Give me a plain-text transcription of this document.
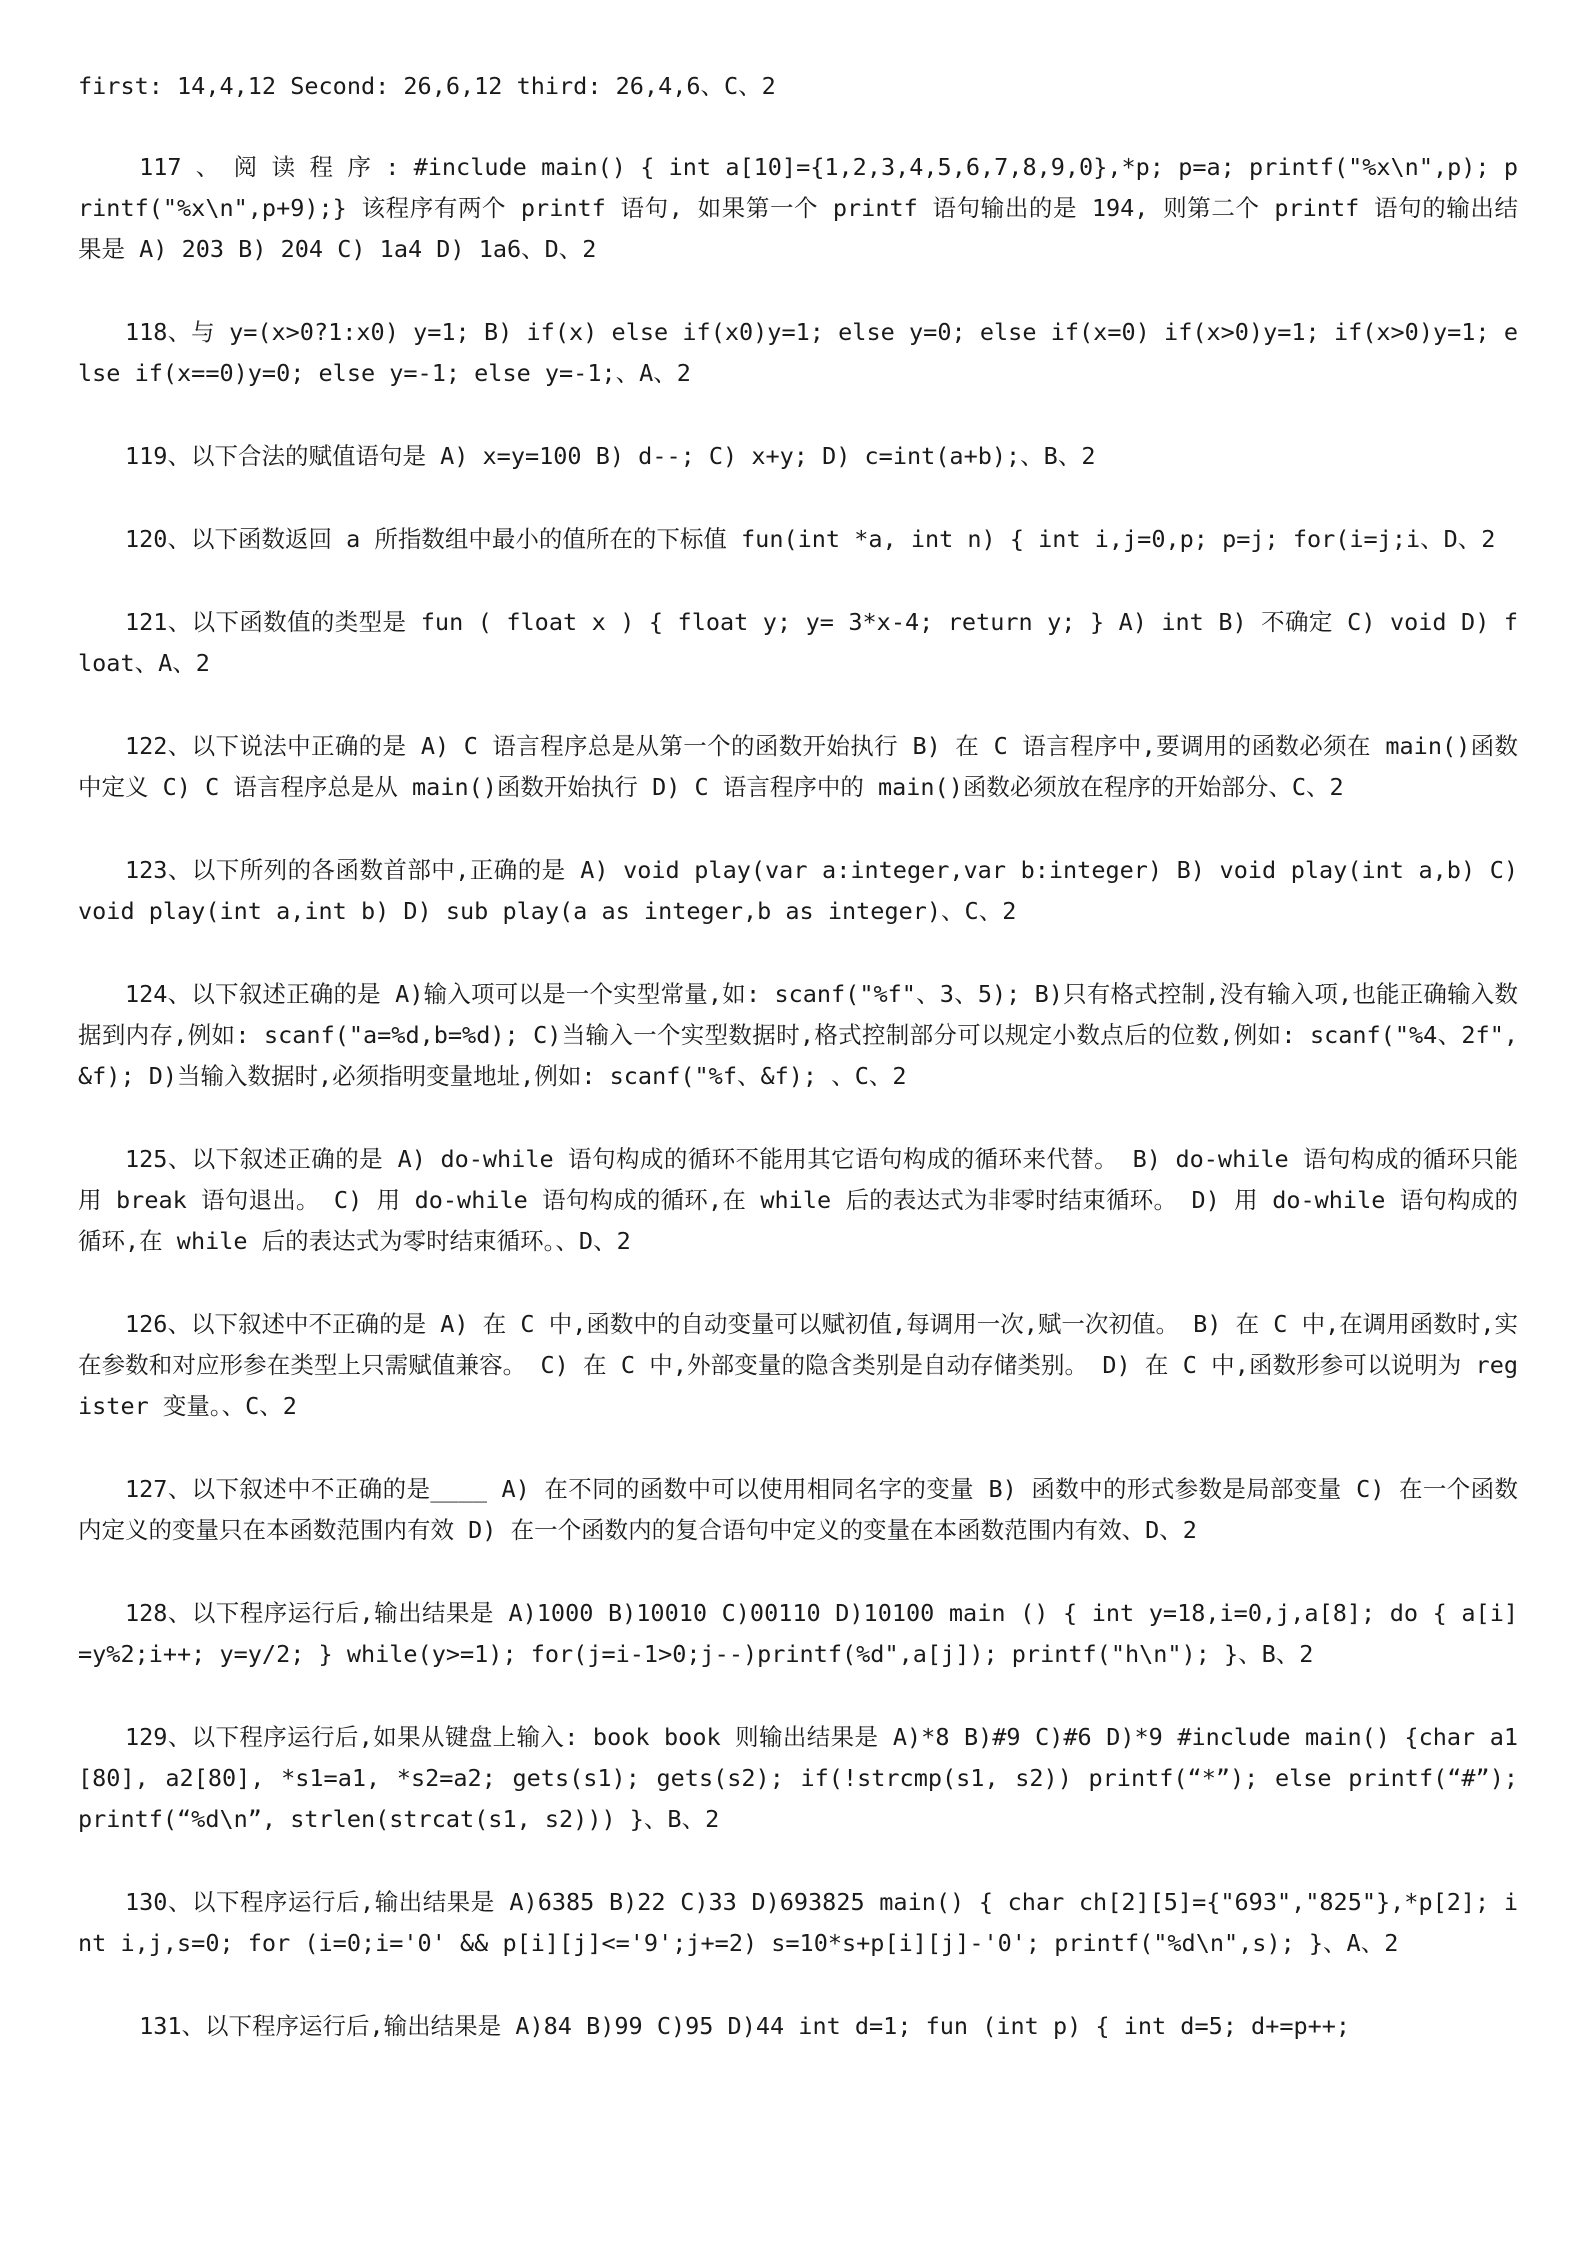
first: 14,4,12 Second: 26,6,12 third: 26,4,6、C、2

117 、 阅 读 程 序 : #include main() { int a[10]={1,2,3,4,5,6,7,8,9,0},*p; p=a; printf("%x\n",p); printf("%x\n",p+9);} 该程序有两个 printf 语句, 如果第一个 printf 语句输出的是 194, 则第二个 printf 语句的输出结果是 A) 203 B) 204 C) 1a4 D) 1a6、D、2

118、与 y=(x>0?1:x0) y=1; B) if(x) else if(x0)y=1; else y=0; else if(x=0) if(x>0)y=1; if(x>0)y=1; else if(x==0)y=0; else y=-1; else y=-1;、A、2

119、以下合法的赋值语句是 A) x=y=100 B) d--; C) x+y; D) c=int(a+b);、B、2

120、以下函数返回 a 所指数组中最小的值所在的下标值 fun(int *a, int n) { int i,j=0,p; p=j; for(i=j;i、D、2

121、以下函数值的类型是 fun ( float x ) { float y; y= 3*x-4; return y; } A) int B) 不确定 C) void D) float、A、2

122、以下说法中正确的是 A) C 语言程序总是从第一个的函数开始执行 B) 在 C 语言程序中,要调用的函数必须在 main()函数中定义 C) C 语言程序总是从 main()函数开始执行 D) C 语言程序中的 main()函数必须放在程序的开始部分、C、2

123、以下所列的各函数首部中,正确的是 A) void play(var a:integer,var b:integer) B) void play(int a,b) C) void play(int a,int b) D) sub play(a as integer,b as integer)、C、2

124、以下叙述正确的是 A)输入项可以是一个实型常量,如: scanf("%f"、3、5); B)只有格式控制,没有输入项,也能正确输入数据到内存,例如: scanf("a=%d,b=%d); C)当输入一个实型数据时,格式控制部分可以规定小数点后的位数,例如: scanf("%4、2f",&f); D)当输入数据时,必须指明变量地址,例如: scanf("%f、&f); 、C、2

125、以下叙述正确的是 A) do-while 语句构成的循环不能用其它语句构成的循环来代替。 B) do-while 语句构成的循环只能用 break 语句退出。 C) 用 do-while 语句构成的循环,在 while 后的表达式为非零时结束循环。 D) 用 do-while 语句构成的循环,在 while 后的表达式为零时结束循环。、D、2

126、以下叙述中不正确的是 A) 在 C 中,函数中的自动变量可以赋初值,每调用一次,赋一次初值。 B) 在 C 中,在调用函数时,实在参数和对应形参在类型上只需赋值兼容。 C) 在 C 中,外部变量的隐含类别是自动存储类别。 D) 在 C 中,函数形参可以说明为 register 变量。、C、2

127、以下叙述中不正确的是____ A) 在不同的函数中可以使用相同名字的变量 B) 函数中的形式参数是局部变量 C) 在一个函数内定义的变量只在本函数范围内有效 D) 在一个函数内的复合语句中定义的变量在本函数范围内有效、D、2

128、以下程序运行后,输出结果是 A)1000 B)10010 C)00110 D)10100 main () { int y=18,i=0,j,a[8]; do { a[i]=y%2;i++; y=y/2; } while(y>=1); for(j=i-1>0;j--)printf(%d",a[j]); printf("h\n"); }、B、2

129、以下程序运行后,如果从键盘上输入: book book 则输出结果是 A)*8 B)#9 C)#6 D)*9 #include main() {char a1[80], a2[80], *s1=a1, *s2=a2; gets(s1); gets(s2); if(!strcmp(s1, s2)) printf(“*”); else printf(“#”); printf(“%d\n”, strlen(strcat(s1, s2))) }、B、2

130、以下程序运行后,输出结果是 A)6385 B)22 C)33 D)693825 main() { char ch[2][5]={"693","825"},*p[2]; int i,j,s=0; for (i=0;i='0' && p[i][j]<='9';j+=2) s=10*s+p[i][j]-'0'; printf("%d\n",s); }、A、2

131、以下程序运行后,输出结果是 A)84 B)99 C)95 D)44 int d=1; fun (int p) { int d=5; d+=p++;
